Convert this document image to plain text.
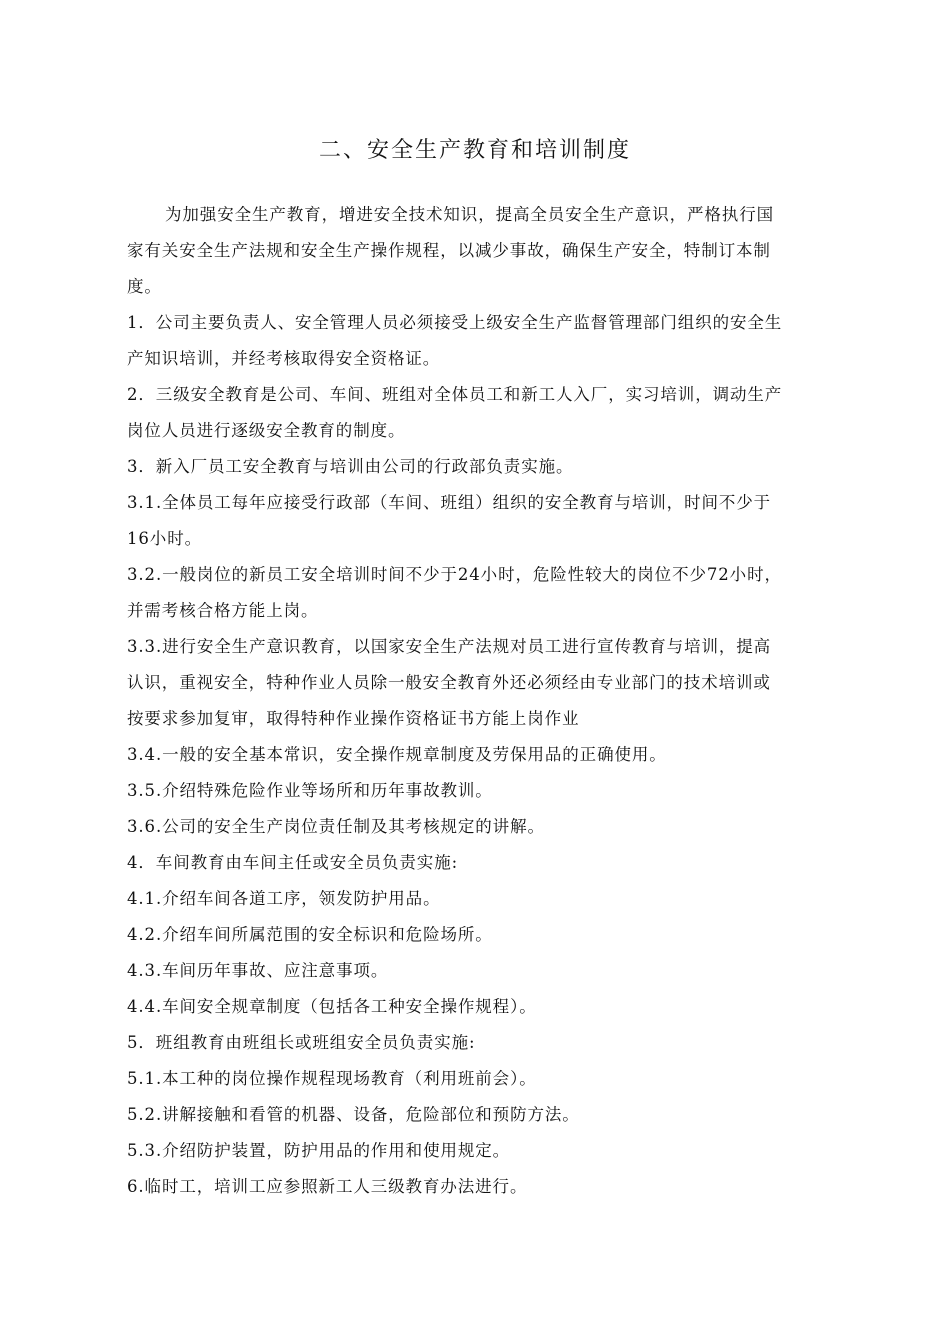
二、安全生产教育和培训制度
为加强安全生产教育，增进安全技术知识，提高全员安全生产意识，严格执行国
家有关安全生产法规和安全生产操作规程，以减少事故，确保生产安全，特制订本制
度。
1．公司主要负责人、安全管理人员必须接受上级安全生产监督管理部门组织的安全生
产知识培训，并经考核取得安全资格证。
2．三级安全教育是公司、车间、班组对全体员工和新工人入厂，实习培训，调动生产
岗位人员进行逐级安全教育的制度。
3．新入厂员工安全教育与培训由公司的行政部负责实施。
3.1.全体员工每年应接受行政部（车间、班组）组织的安全教育与培训，时间不少于
16小时。
3.2.一般岗位的新员工安全培训时间不少于24小时，危险性较大的岗位不少72小时，
并需考核合格方能上岗。
3.3.进行安全生产意识教育，以国家安全生产法规对员工进行宣传教育与培训，提高
认识，重视安全，特种作业人员除一般安全教育外还必须经由专业部门的技术培训或
按要求参加复审，取得特种作业操作资格证书方能上岗作业
3.4.一般的安全基本常识，安全操作规章制度及劳保用品的正确使用。
3.5.介绍特殊危险作业等场所和历年事故教训。
3.6.公司的安全生产岗位责任制及其考核规定的讲解。
4．车间教育由车间主任或安全员负责实施:
4.1.介绍车间各道工序，领发防护用品。
4.2.介绍车间所属范围的安全标识和危险场所。
4.3.车间历年事故、应注意事项。
4.4.车间安全规章制度（包括各工种安全操作规程）。
5．班组教育由班组长或班组安全员负责实施:
5.1.本工种的岗位操作规程现场教育（利用班前会）。
5.2.讲解接触和看管的机器、设备，危险部位和预防方法。
5.3.介绍防护装置，防护用品的作用和使用规定。
6.临时工，培训工应参照新工人三级教育办法进行。
